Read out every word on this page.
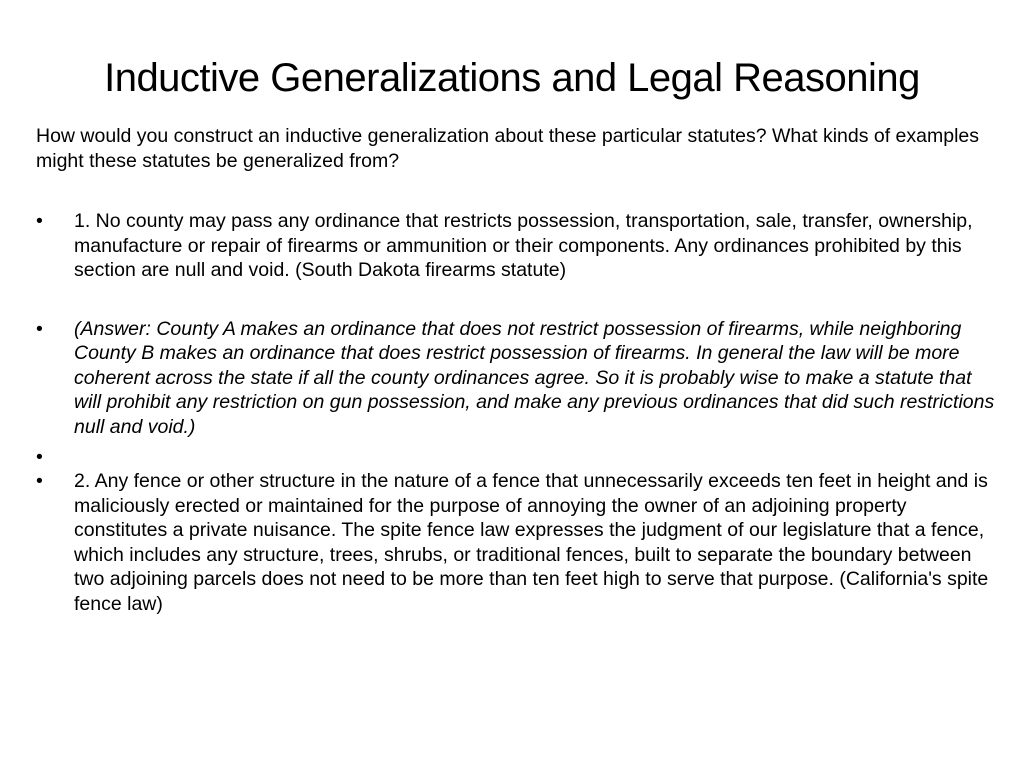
Inductive Generalizations and Legal Reasoning

How would you construct an inductive generalization about these particular statutes? What kinds of examples might these statutes be generalized from?

• 1. No county may pass any ordinance that restricts possession, transportation, sale, transfer, ownership, manufacture or repair of firearms or ammunition or their components. Any ordinances prohibited by this section are null and void. (South Dakota firearms statute)
• (Answer: County A makes an ordinance that does not restrict possession of firearms, while neighboring County B makes an ordinance that does restrict possession of firearms. In general the law will be more coherent across the state if all the county ordinances agree. So it is probably wise to make a statute that will prohibit any restriction on gun possession, and make any previous ordinances that did such restrictions null and void.)
•
• 2. Any fence or other structure in the nature of a fence that unnecessarily exceeds ten feet in height and is maliciously erected or maintained for the purpose of annoying the owner of an adjoining property constitutes a private nuisance. The spite fence law expresses the judgment of our legislature that a fence, which includes any structure, trees, shrubs, or traditional fences, built to separate the boundary between two adjoining parcels does not need to be more than ten feet high to serve that purpose. (California's spite fence law)
